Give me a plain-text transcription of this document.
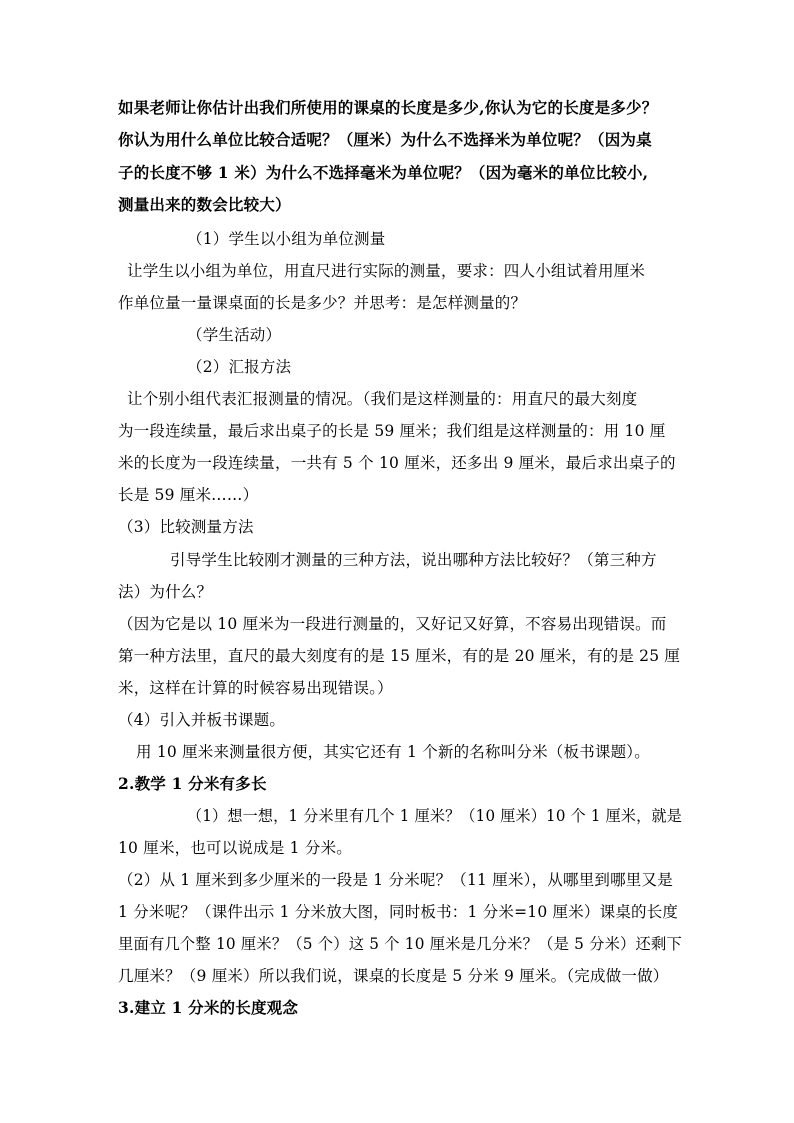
如果老师让你估计出我们所使用的课桌的长度是多少,你认为它的长度是多少？
你认为用什么单位比较合适呢？（厘米）为什么不选择米为单位呢？（因为桌
子的长度不够 1 米）为什么不选择毫米为单位呢？（因为毫米的单位比较小,
测量出来的数会比较大）
（1）学生以小组为单位测量
让学生以小组为单位，用直尺进行实际的测量，要求：四人小组试着用厘米
作单位量一量课桌面的长是多少？并思考：是怎样测量的？
（学生活动）
（2）汇报方法
让个别小组代表汇报测量的情况。（我们是这样测量的：用直尺的最大刻度
为一段连续量，最后求出桌子的长是 59 厘米；我们组是这样测量的：用 10 厘
米的长度为一段连续量，一共有 5 个 10 厘米，还多出 9 厘米，最后求出桌子的
长是 59 厘米……）
（3）比较测量方法
引导学生比较刚才测量的三种方法，说出哪种方法比较好？（第三种方
法）为什么？
（因为它是以 10 厘米为一段进行测量的，又好记又好算，不容易出现错误。而
第一种方法里，直尺的最大刻度有的是 15 厘米，有的是 20 厘米，有的是 25 厘
米，这样在计算的时候容易出现错误。）
（4）引入并板书课题。
用 10 厘米来测量很方便，其实它还有 1 个新的名称叫分米（板书课题）。
2.教学 1 分米有多长
（1）想一想，1 分米里有几个 1 厘米？（10 厘米）10 个 1 厘米，就是
10 厘米，也可以说成是 1 分米。
（2）从 1 厘米到多少厘米的一段是 1 分米呢？（11 厘米），从哪里到哪里又是
1 分米呢？（课件出示 1 分米放大图，同时板书：1 分米=10 厘米）课桌的长度
里面有几个整 10 厘米？（5 个）这 5 个 10 厘米是几分米？（是 5 分米）还剩下
几厘米？（9 厘米）所以我们说，课桌的长度是 5 分米 9 厘米。（完成做一做）
3.建立 1 分米的长度观念
